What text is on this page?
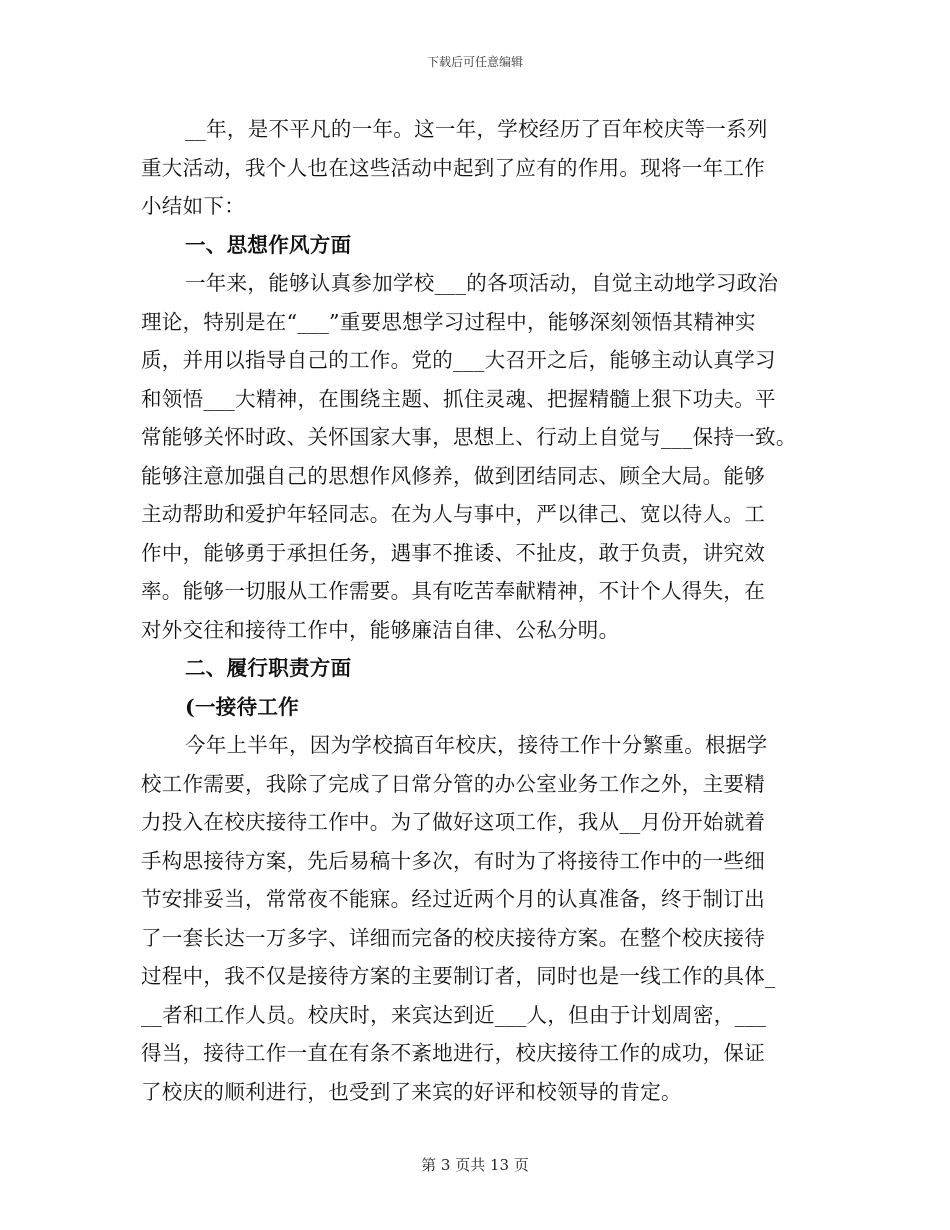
下载后可任意编辑
__年，是不平凡的一年。这一年，学校经历了百年校庆等一系列
重大活动，我个人也在这些活动中起到了应有的作用。现将一年工作
小结如下：
一、思想作风方面
一年来，能够认真参加学校___的各项活动，自觉主动地学习政治
理论，特别是在“___”重要思想学习过程中，能够深刻领悟其精神实
质，并用以指导自己的工作。党的___大召开之后，能够主动认真学习
和领悟___大精神，在围绕主题、抓住灵魂、把握精髓上狠下功夫。平
常能够关怀时政、关怀国家大事，思想上、行动上自觉与___保持一致。
能够注意加强自己的思想作风修养，做到团结同志、顾全大局。能够
主动帮助和爱护年轻同志。在为人与事中，严以律己、宽以待人。工
作中，能够勇于承担任务，遇事不推诿、不扯皮，敢于负责，讲究效
率。能够一切服从工作需要。具有吃苦奉献精神，不计个人得失，在
对外交往和接待工作中，能够廉洁自律、公私分明。
二、履行职责方面
(一接待工作
今年上半年，因为学校搞百年校庆，接待工作十分繁重。根据学
校工作需要，我除了完成了日常分管的办公室业务工作之外，主要精
力投入在校庆接待工作中。为了做好这项工作，我从__月份开始就着
手构思接待方案，先后易稿十多次，有时为了将接待工作中的一些细
节安排妥当，常常夜不能寐。经过近两个月的认真准备，终于制订出
了一套长达一万多字、详细而完备的校庆接待方案。在整个校庆接待
过程中，我不仅是接待方案的主要制订者，同时也是一线工作的具体_
__者和工作人员。校庆时，来宾达到近___人，但由于计划周密，___
得当，接待工作一直在有条不紊地进行，校庆接待工作的成功，保证
了校庆的顺利进行，也受到了来宾的好评和校领导的肯定。
第 3 页共 13 页
